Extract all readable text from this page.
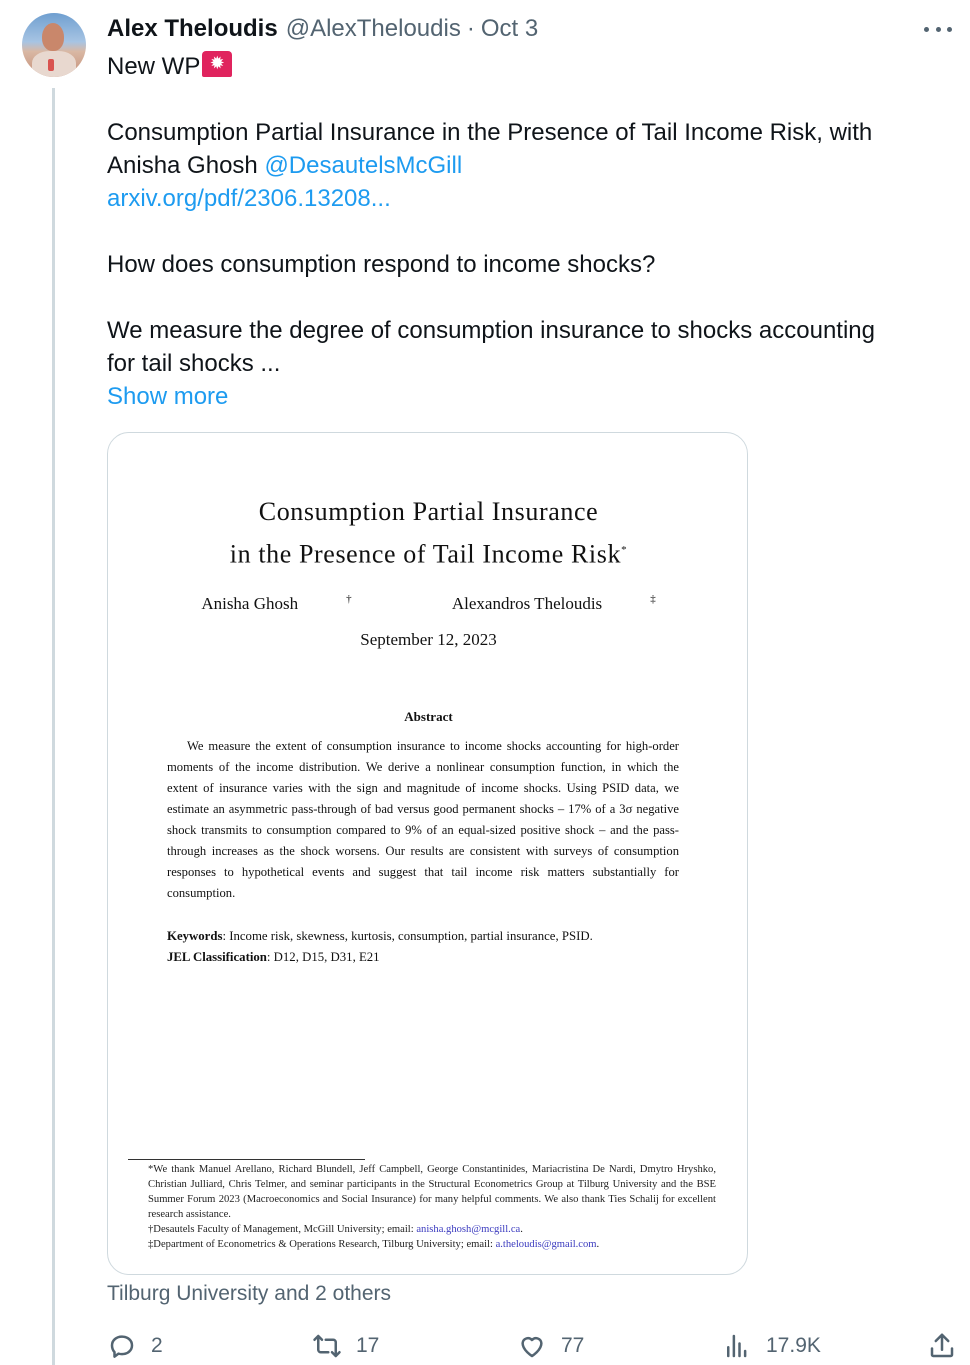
Alex Theloudis @AlexTheloudis · Oct 3

New WP✹

Consumption Partial Insurance in the Presence of Tail Income Risk, with

Anisha Ghosh @DesautelsMcGill

arxiv.org/pdf/2306.13208...

How does consumption respond to income shocks?

We measure the degree of consumption insurance to shocks accounting

for tail shocks ...

Show more

Consumption Partial Insurance
in the Presence of Tail Income Risk*
Anisha Ghosh	†	Alexandros Theloudis	‡
September 12, 2023
Abstract
We measure the extent of consumption insurance to income shocks accounting for high-order moments of the income distribution. We derive a nonlinear consumption function, in which the extent of insurance varies with the sign and magnitude of income shocks. Using PSID data, we estimate an asymmetric pass-through of bad versus good permanent shocks – 17% of a 3σ negative shock transmits to consumption compared to 9% of an equal-sized positive shock – and the pass-through increases as the shock worsens. Our results are consistent with surveys of consumption responses to hypothetical events and suggest that tail income risk matters substantially for consumption.
Keywords: Income risk, skewness, kurtosis, consumption, partial insurance, PSID.
JEL Classification: D12, D15, D31, E21
*We thank Manuel Arellano, Richard Blundell, Jeff Campbell, George Constantinides, Mariacristina De Nardi, Dmytro Hryshko, Christian Julliard, Chris Telmer, and seminar participants in the Structural Econometrics Group at Tilburg University and the BSE Summer Forum 2023 (Macroeconomics and Social Insurance) for many helpful comments. We also thank Ties Schalij for excellent research assistance.
†Desautels Faculty of Management, McGill University; email: anisha.ghosh@mcgill.ca.
‡Department of Econometrics & Operations Research, Tilburg University; email: a.theloudis@gmail.com.
Tilburg University and 2 others
2	17	77	17.9K
